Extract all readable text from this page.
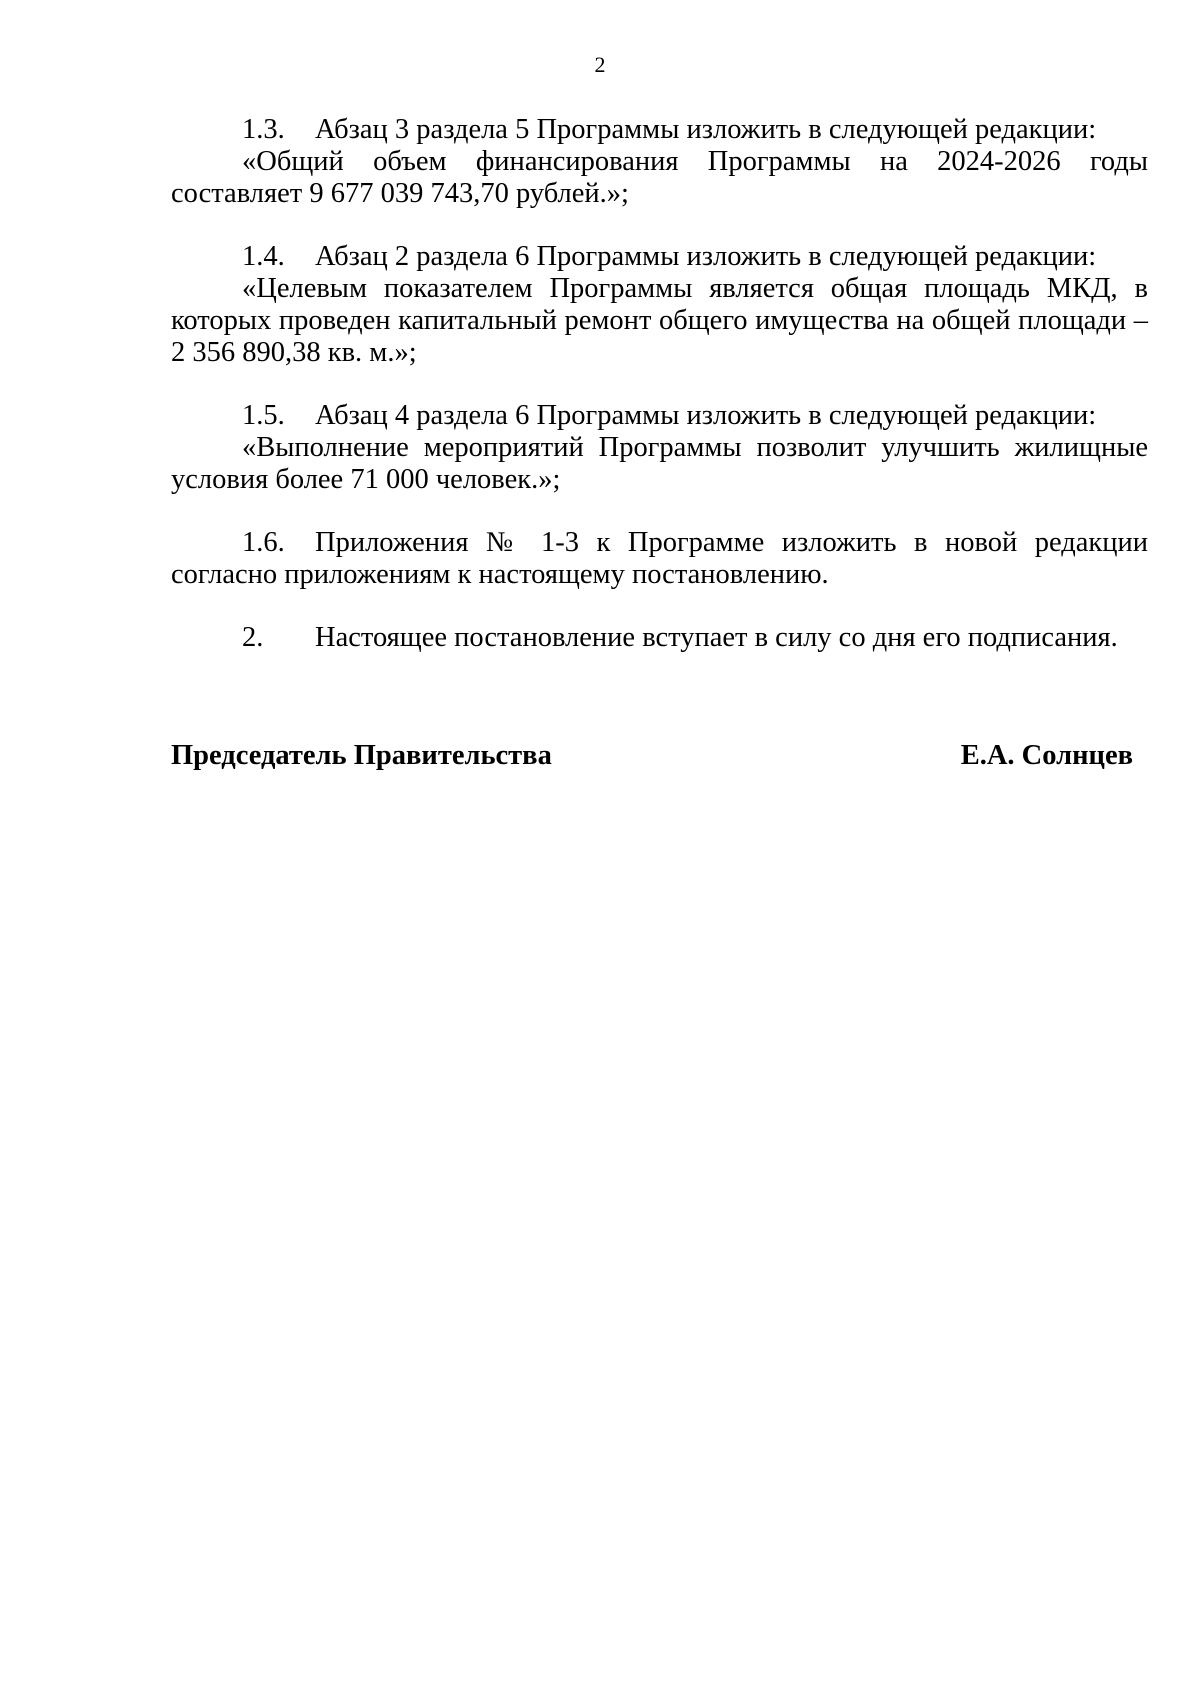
2
1.3. Абзац 3 раздела 5 Программы изложить в следующей редакции:

«Общий объем финансирования Программы на 2024-2026 годы составляет 9 677 039 743,70 рублей.»;

1.4. Абзац 2 раздела 6 Программы изложить в следующей редакции:

«Целевым показателем Программы является общая площадь МКД, в которых проведен капитальный ремонт общего имущества на общей площади – 2 356 890,38 кв. м.»;

1.5. Абзац 4 раздела 6 Программы изложить в следующей редакции:

«Выполнение мероприятий Программы позволит улучшить жилищные условия более 71 000 человек.»;

1.6. Приложения № 1-3 к Программе изложить в новой редакции согласно приложениям к настоящему постановлению.

2. Настоящее постановление вступает в силу со дня его подписания.
Председатель Правительства	Е.А. Солнцев
